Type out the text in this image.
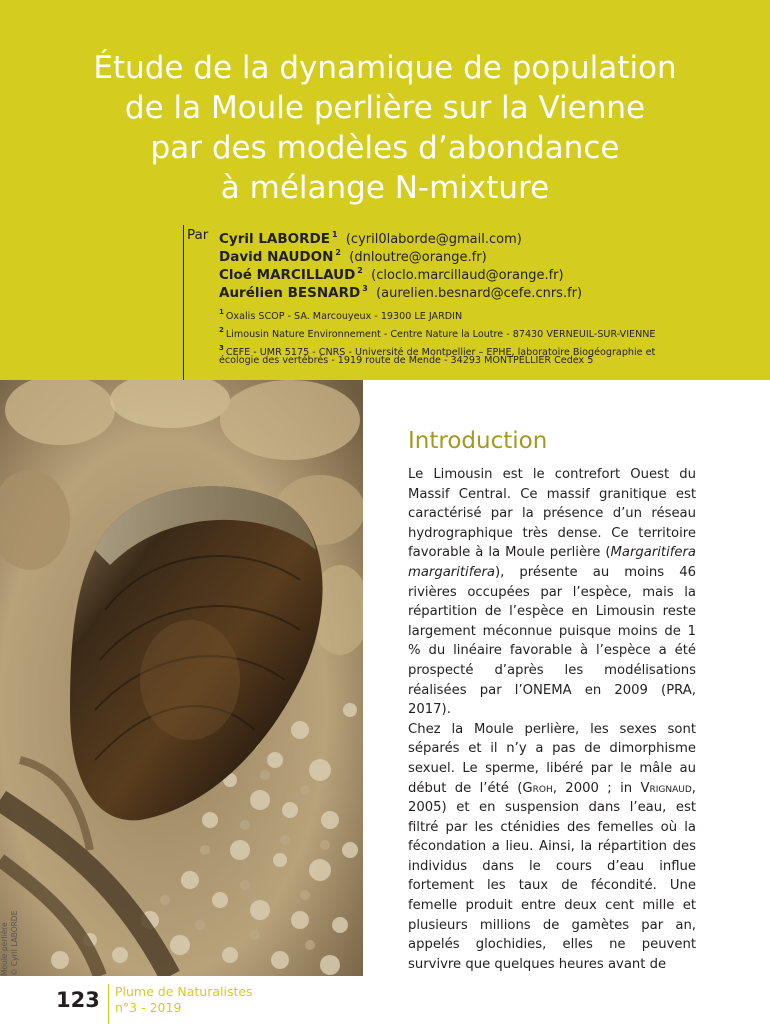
Étude de la dynamique de population
de la Moule perlière sur la Vienne
par des modèles d’abondance
à mélange N-mixture
Par Cyril LABORDE $^1$ (cyril0laborde@gmail.com)
David NAUDON $^2$ (dnloutre@orange.fr)
Cloé MARCILLAUD $^2$ (cloclo.marcillaud@orange.fr)
Aurélien BESNARD $^3$ (aurelien.besnard@cefe.cnrs.fr)
$^1$ Oxalis SCOP - SA. Marcouyeux - 19300 LE JARDIN
$^2$ Limousin Nature Environnement - Centre Nature la Loutre - 87430 VERNEUIL-SUR-VIENNE
$^3$ CEFE - UMR 5175 - CNRS - Université de Montpellier – EPHE, laboratoire Biogéographie et
écologie des vertébrés - 1919 route de Mende - 34293 MONTPELLIER Cedex 5
Moule perlière © Cyril LABORDE
Introduction

Le Limousin est le contrefort Ouest du Massif Central. Ce massif granitique est caractérisé par la présence d’un réseau hydrographique très dense. Ce territoire favorable à la Moule perlière (Margaritifera margaritifera), présente au moins 46 rivières occupées par l’espèce, mais la répartition de l’espèce en Limousin reste largement méconnue puisque moins de 1 % du linéaire favorable à l’espèce a été prospecté d’après les modélisations réalisées par l’ONEMA en 2009 (PRA, 2017).

Chez la Moule perlière, les sexes sont séparés et il n’y a pas de dimorphisme sexuel. Le sperme, libéré par le mâle au début de l’été (Groh, 2000 ; in Vrignaud, 2005) et en suspension dans l’eau, est filtré par les cténidies des femelles où la fécondation a lieu. Ainsi, la répartition des individus dans le cours d’eau influe fortement les taux de fécondité. Une femelle produit entre deux cent mille et plusieurs millions de gamètes par an, appelés glochidies, elles ne peuvent survivre que quelques heures avant de

123 Plume de Naturalistes
n°3 - 2019
